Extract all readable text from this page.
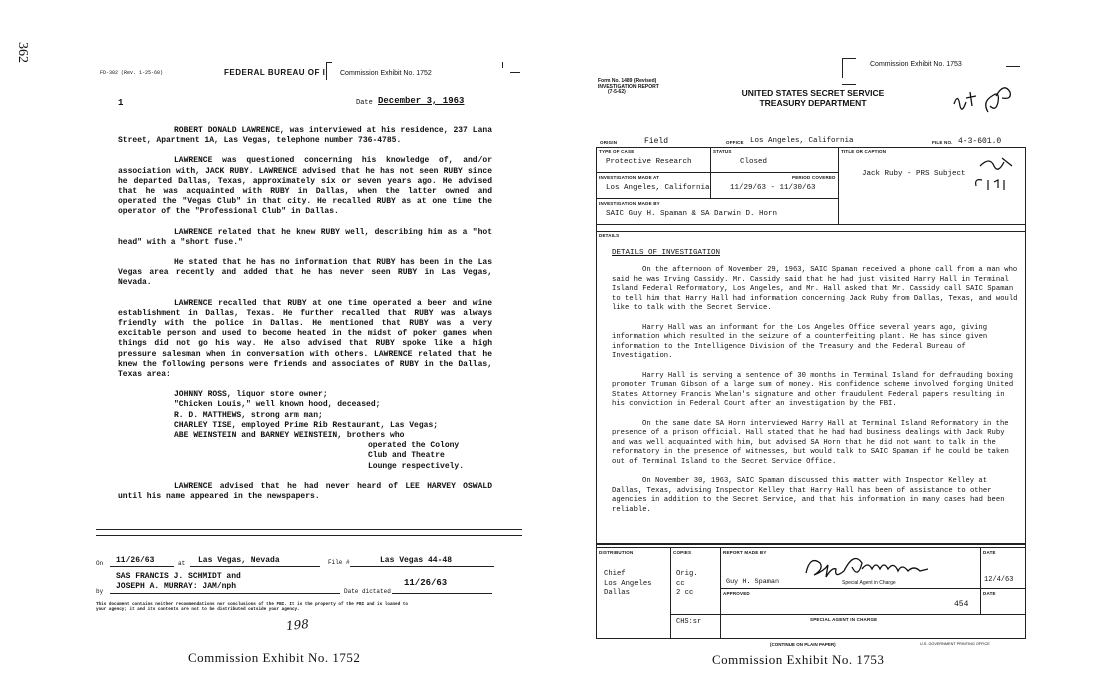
362
FD-302 (Rev. 1-25-60)	FEDERAL BUREAU OF I Commission Exhibit No. 1752
1	Date December 3, 1963
ROBERT DONALD LAWRENCE, was interviewed at his residence, 237 Lana Street, Apartment 1A, Las Vegas, telephone number 736-4785.
LAWRENCE was questioned concerning his knowledge of, and/or association with, JACK RUBY. LAWRENCE advised that he has not seen RUBY since he departed Dallas, Texas, approximately six or seven years ago. He advised that he was acquainted with RUBY in Dallas, when the latter owned and operated the "Vegas Club" in that city. He recalled RUBY as at one time the operator of the "Professional Club" in Dallas.
LAWRENCE related that he knew RUBY well, describing him as a "hot head" with a "short fuse."
He stated that he has no information that RUBY has been in the Las Vegas area recently and added that he has never seen RUBY in Las Vegas, Nevada.
LAWRENCE recalled that RUBY at one time operated a beer and wine establishment in Dallas, Texas. He further recalled that RUBY was always friendly with the police in Dallas. He mentioned that RUBY was a very excitable person and used to become heated in the midst of poker games when things did not go his way. He also advised that RUBY spoke like a high pressure salesman when in conversation with others. LAWRENCE related that he knew the following persons were friends and associates of RUBY in the Dallas, Texas area:
JOHNNY ROSS, liquor store owner;
"Chicken Louis," well known hood, deceased;
R. D. MATTHEWS, strong arm man;
CHARLEY TISE, employed Prime Rib Restaurant, Las Vegas;
ABE WEINSTEIN and BARNEY WEINSTEIN, brothers who
operated the Colony
Club and Theatre
Lounge respectively.
LAWRENCE advised that he had never heard of LEE HARVEY OSWALD until his name appeared in the newspapers.
On 11/26/63	at Las Vegas, Nevada	File #	Las Vegas 44-48
SAS FRANCIS J. SCHMIDT and
by
JOSEPH A. MURRAY: JAM/nph
Date dictated
11/26/63
This document contains neither recommendations nor conclusions of the FBI. It is the property of the FBI and is loaned to
your agency; it and its contents are not to be distributed outside your agency.
198
Commission Exhibit No. 1752
Commission Exhibit No. 1753
Form No. 1489 (Revised)
INVESTIGATION REPORT
(7-5-62)	UNITED STATES SECRET SERVICE
TREASURY DEPARTMENT
ORIGIN	Field	OFFICE Los Angeles, California	FILE NO. 4-3-601.0
TYPE OF CASE
Protective Research
STATUS
Closed
TITLE OR CAPTION
Jack Ruby - PRS Subject
INVESTIGATION MADE AT
Los Angeles, California
PERIOD COVERED
11/29/63 - 11/30/63
INVESTIGATION MADE BY
SAIC Guy H. Spaman & SA Darwin D. Horn
DETAILS
DETAILS OF INVESTIGATION
On the afternoon of November 29, 1963, SAIC Spaman received a phone call from a man who said he was Irving Cassidy. Mr. Cassidy said that he had just visited Harry Hall in Terminal Island Federal Reformatory, Los Angeles, and Mr. Hall asked that Mr. Cassidy call SAIC Spaman to tell him that Harry Hall had information concerning Jack Ruby from Dallas, Texas, and would like to talk with the Secret Service.
Harry Hall was an informant for the Los Angeles Office several years ago, giving information which resulted in the seizure of a counterfeiting plant. He has since given information to the Intelligence Division of the Treasury and the Federal Bureau of Investigation.
Harry Hall is serving a sentence of 30 months in Terminal Island for defrauding boxing promoter Truman Gibson of a large sum of money. His confidence scheme involved forging United States Attorney Francis Whelan's signature and other fraudulent Federal papers resulting in his conviction in Federal Court after an investigation by the FBI.
On the same date SA Horn interviewed Harry Hall at Terminal Island Reformatory in the presence of a prison official. Hall stated that he had had business dealings with Jack Ruby and was well acquainted with him, but advised SA Horn that he did not want to talk in the reformatory in the presence of witnesses, but would talk to SAIC Spaman if he could be taken out of Terminal Island to the Secret Service Office.
On November 30, 1963, SAIC Spaman discussed this matter with Inspector Kelley at Dallas, Texas, advising Inspector Kelley that Harry Hall has been of assistance to other agencies in addition to the Secret Service, and that his information in many cases had been reliable.
DISTRIBUTION
Chief
Los Angeles
Dallas
COPIES
Orig.
cc
2 cc
CHS:sr
REPORT MADE BY
Guy H. Spaman	Special Agent in Charge
DATE
12/4/63
APPROVED
SPECIAL AGENT IN CHARGE
454
DATE
(CONTINUE ON PLAIN PAPER)	U.S. GOVERNMENT PRINTING OFFICE
Commission Exhibit No. 1753
